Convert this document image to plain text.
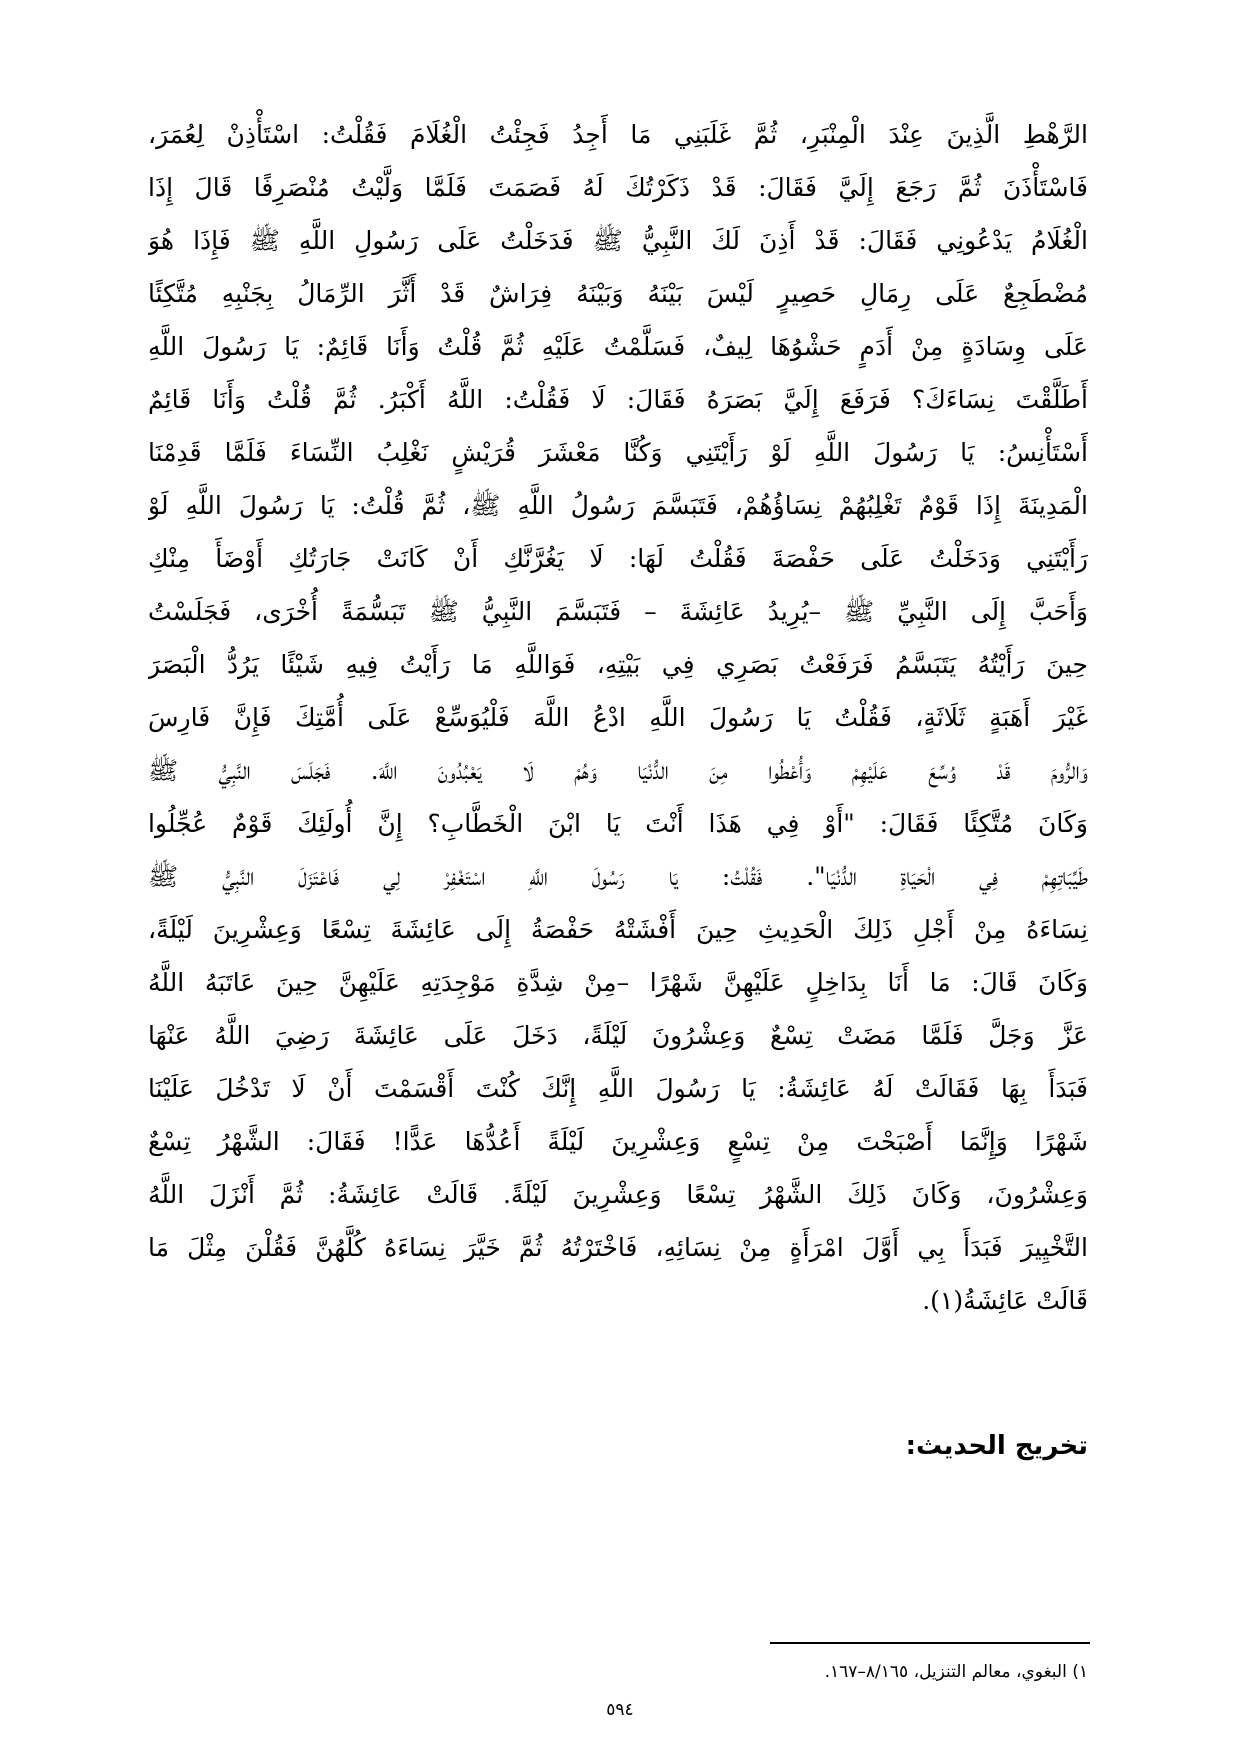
الرَّهْطِ الَّذِينَ عِنْدَ الْمِنْبَرِ، ثُمَّ غَلَبَنِي مَا أَجِدُ فَجِئْتُ الْغُلَامَ فَقُلْتُ: اسْتَأْذِنْ لِعُمَرَ،
فَاسْتَأْذَنَ ثُمَّ رَجَعَ إِلَيَّ فَقَالَ: قَدْ ذَكَرْتُكَ لَهُ فَصَمَتَ فَلَمَّا وَلَّيْتُ مُنْصَرِفًا قَالَ إِذَا
الْغُلَامُ يَدْعُونِي فَقَالَ: قَدْ أَذِنَ لَكَ النَّبِيُّ ﷺ فَدَخَلْتُ عَلَى رَسُولِ اللَّهِ ﷺ فَإِذَا هُوَ
مُضْطَجِعٌ عَلَى رِمَالِ حَصِيرٍ لَيْسَ بَيْنَهُ وَبَيْنَهُ فِرَاشٌ قَدْ أَثَّرَ الرِّمَالُ بِجَنْبِهِ مُتَّكِئًا
عَلَى وِسَادَةٍ مِنْ أَدَمٍ حَشْوُهَا لِيفٌ، فَسَلَّمْتُ عَلَيْهِ ثُمَّ قُلْتُ وَأَنَا قَائِمٌ: يَا رَسُولَ اللَّهِ
أَطَلَّقْتَ نِسَاءَكَ؟ فَرَفَعَ إِلَيَّ بَصَرَهُ فَقَالَ: لَا فَقُلْتُ: اللَّهُ أَكْبَرُ. ثُمَّ قُلْتُ وَأَنَا قَائِمٌ
أَسْتَأْنِسُ: يَا رَسُولَ اللَّهِ لَوْ رَأَيْتَنِي وَكُنَّا مَعْشَرَ قُرَيْشٍ نَغْلِبُ النِّسَاءَ فَلَمَّا قَدِمْنَا
الْمَدِينَةَ إِذَا قَوْمٌ تَغْلِبُهُمْ نِسَاؤُهُمْ، فَتَبَسَّمَ رَسُولُ اللَّهِ ﷺ، ثُمَّ قُلْتُ: يَا رَسُولَ اللَّهِ لَوْ
رَأَيْتَنِي وَدَخَلْتُ عَلَى حَفْصَةَ فَقُلْتُ لَهَا: لَا يَغُرَّنَّكِ أَنْ كَانَتْ جَارَتُكِ أَوْضَأَ مِنْكِ
وَأَحَبَّ إِلَى النَّبِيِّ ﷺ –يُرِيدُ عَائِشَةَ – فَتَبَسَّمَ النَّبِيُّ ﷺ تَبَسُّمَةً أُخْرَى، فَجَلَسْتُ
حِينَ رَأَيْتُهُ يَتَبَسَّمُ فَرَفَعْتُ بَصَرِي فِي بَيْتِهِ، فَوَاللَّهِ مَا رَأَيْتُ فِيهِ شَيْئًا يَرُدُّ الْبَصَرَ
غَيْرَ أَهَبَةٍ ثَلَاثَةٍ، فَقُلْتُ يَا رَسُولَ اللَّهِ ادْعُ اللَّهَ فَلْيُوَسِّعْ عَلَى أُمَّتِكَ فَإِنَّ فَارِسَ
وَالرُّومَ قَدْ وُسِّعَ عَلَيْهِمْ وَأُعْطُوا مِنَ الدُّنْيَا وَهُمْ لَا يَعْبُدُونَ اللَّهَ. فَجَلَسَ النَّبِيُّ ﷺ
وَكَانَ مُتَّكِئًا فَقَالَ: "أَوْ فِي هَذَا أَنْتَ يَا ابْنَ الْخَطَّابِ؟ إِنَّ أُولَئِكَ قَوْمٌ عُجِّلُوا
طَيِّبَاتِهِمْ فِي الْحَيَاةِ الدُّنْيَا". فَقُلْتُ: يَا رَسُولَ اللَّهِ اسْتَغْفِرْ لِي فَاعْتَزَلَ النَّبِيُّ ﷺ
نِسَاءَهُ مِنْ أَجْلِ ذَلِكَ الْحَدِيثِ حِينَ أَفْشَتْهُ حَفْصَةُ إِلَى عَائِشَةَ تِسْعًا وَعِشْرِينَ لَيْلَةً،
وَكَانَ قَالَ: مَا أَنَا بِدَاخِلٍ عَلَيْهِنَّ شَهْرًا –مِنْ شِدَّةِ مَوْجِدَتِهِ عَلَيْهِنَّ حِينَ عَاتَبَهُ اللَّهُ
عَزَّ وَجَلَّ فَلَمَّا مَضَتْ تِسْعٌ وَعِشْرُونَ لَيْلَةً، دَخَلَ عَلَى عَائِشَةَ رَضِيَ اللَّهُ عَنْهَا
فَبَدَأَ بِهَا فَقَالَتْ لَهُ عَائِشَةُ: يَا رَسُولَ اللَّهِ إِنَّكَ كُنْتَ أَقْسَمْتَ أَنْ لَا تَدْخُلَ عَلَيْنَا
شَهْرًا وَإِنَّمَا أَصْبَحْتَ مِنْ تِسْعٍ وَعِشْرِينَ لَيْلَةً أَعُدُّهَا عَدًّا! فَقَالَ: الشَّهْرُ تِسْعٌ
وَعِشْرُونَ، وَكَانَ ذَلِكَ الشَّهْرُ تِسْعًا وَعِشْرِينَ لَيْلَةً. قَالَتْ عَائِشَةُ: ثُمَّ أَنْزَلَ اللَّهُ
التَّخْيِيرَ فَبَدَأَ بِي أَوَّلَ امْرَأَةٍ مِنْ نِسَائِهِ، فَاخْتَرْتُهُ ثُمَّ خَيَّرَ نِسَاءَهُ كُلَّهُنَّ فَقُلْنَ مِثْلَ مَا
قَالَتْ عَائِشَةُ(١).
تخريج الحديث:

١) البغوي، معالم التنزيل، ٨/١٦٥–١٦٧.

٥٩٤
